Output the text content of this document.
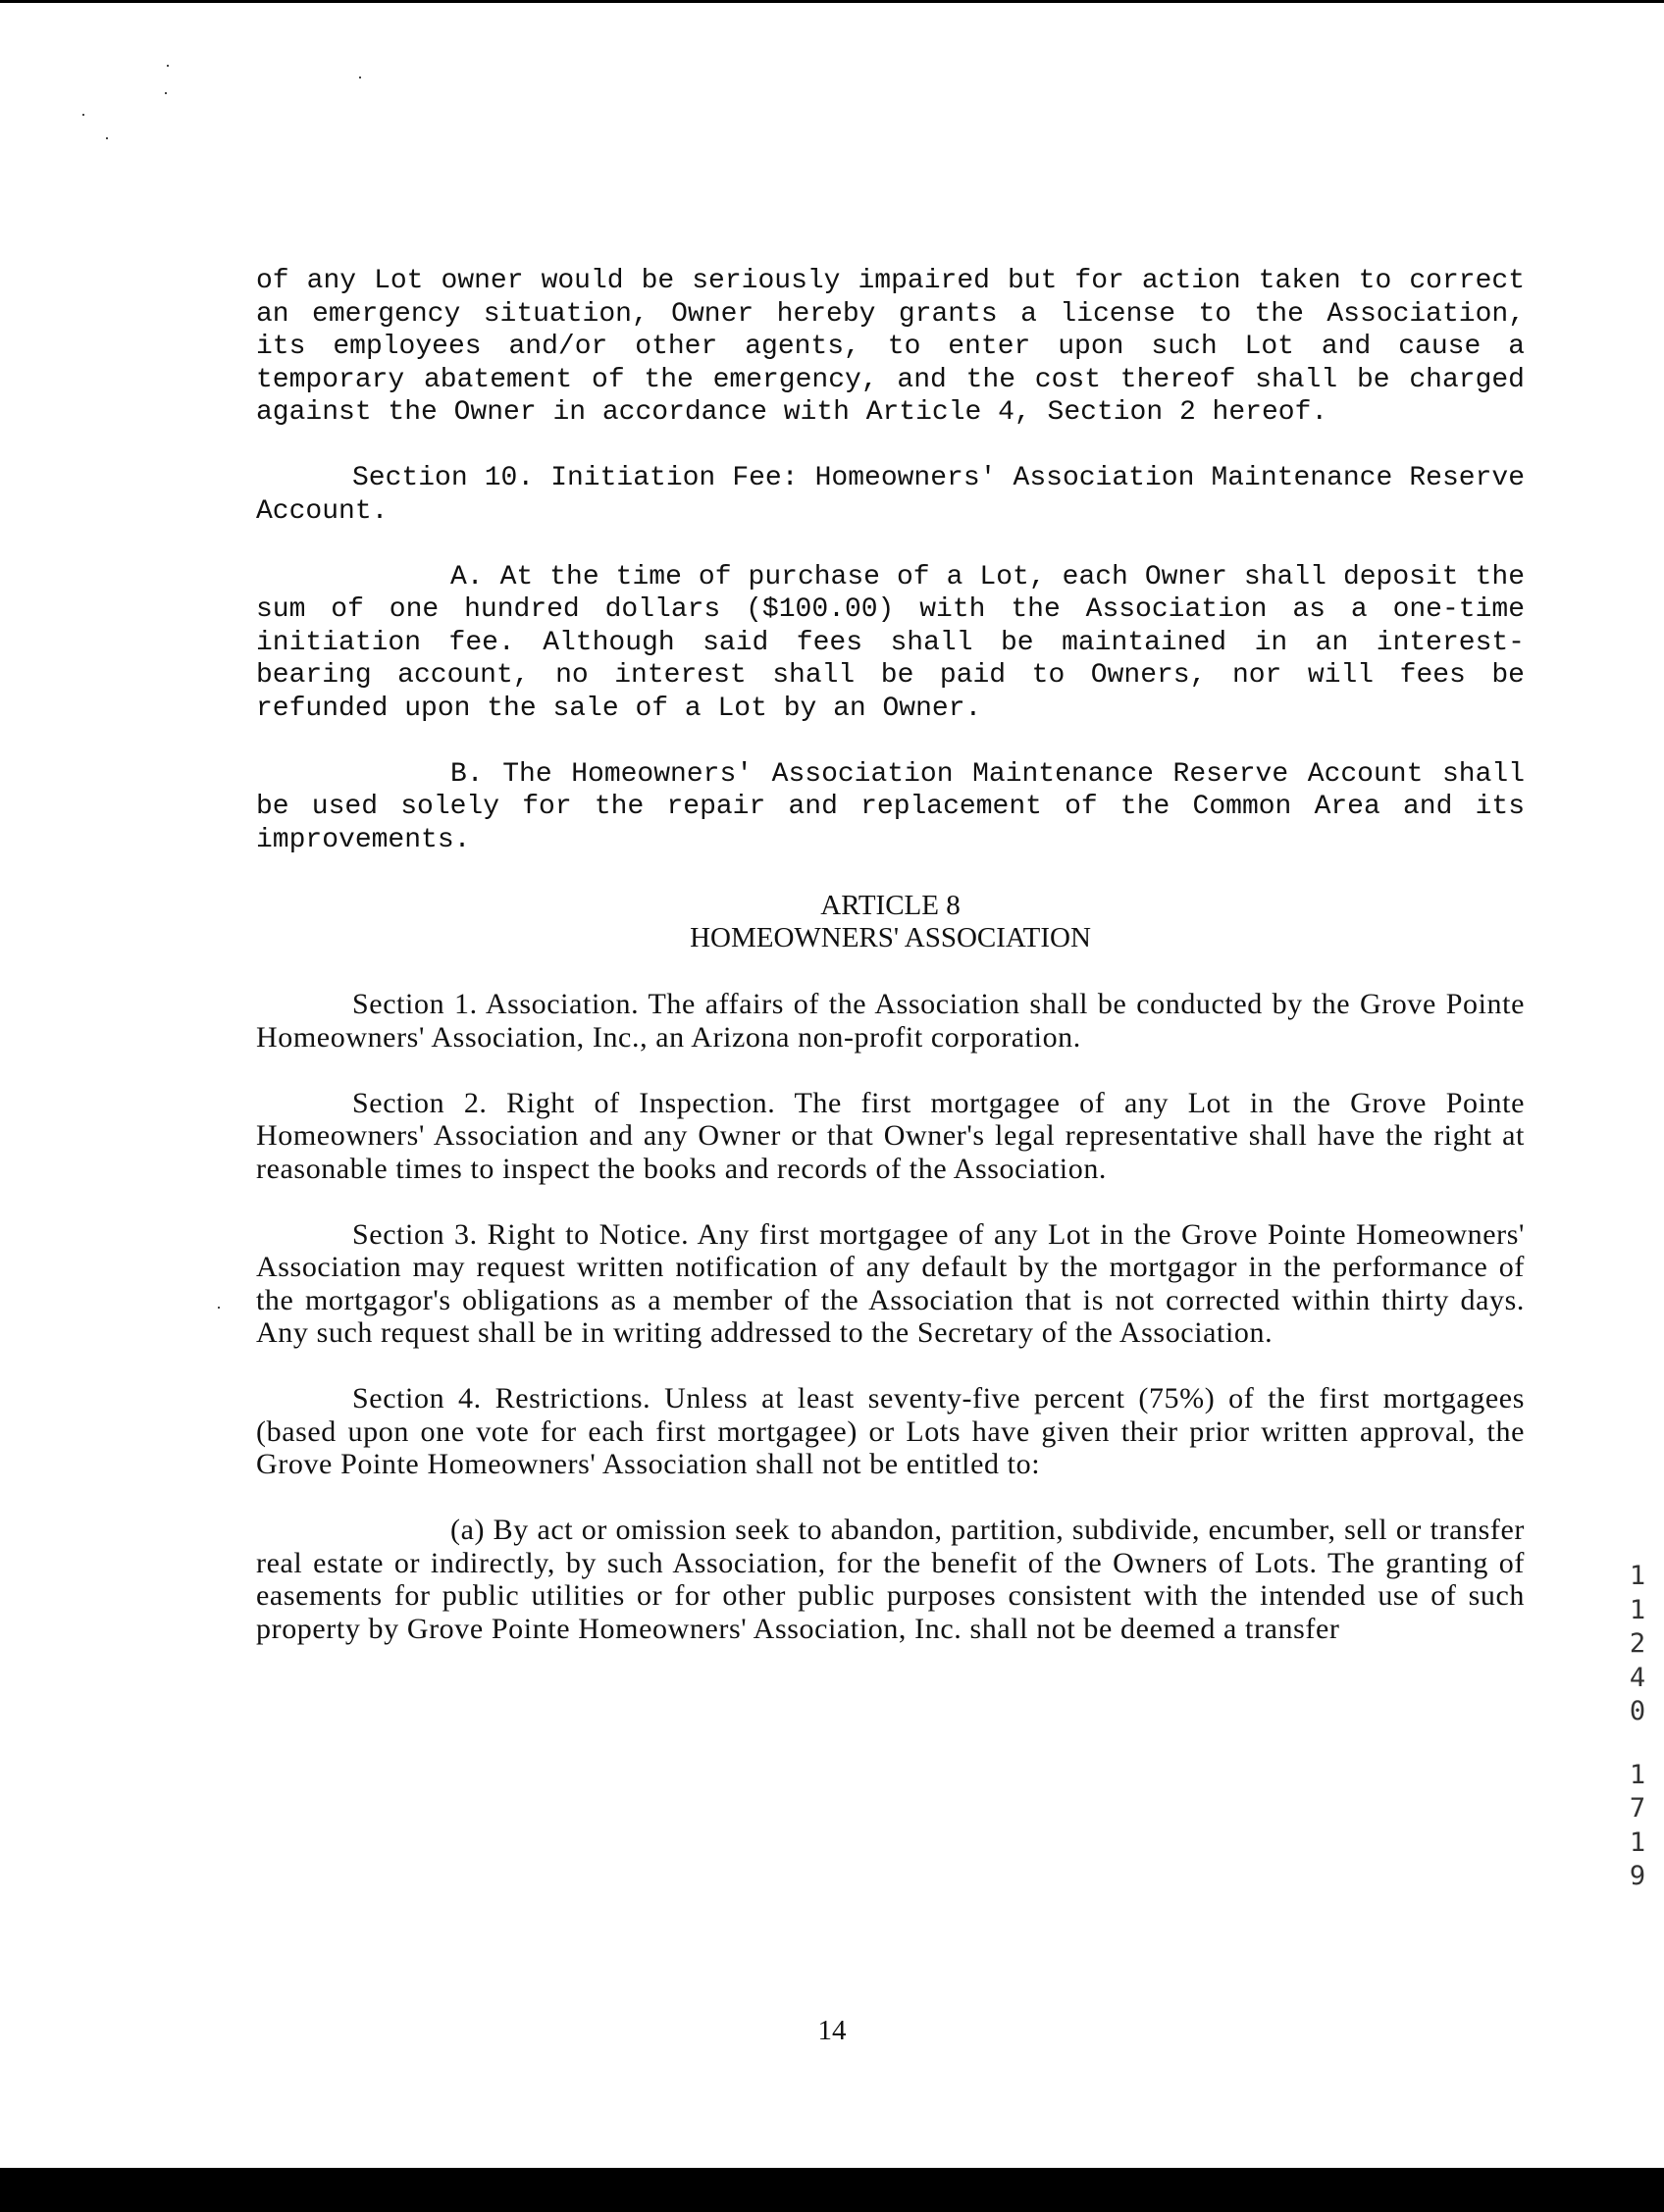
of any Lot owner would be seriously impaired but for action taken to correct an emergency situation, Owner hereby grants a license to the Association, its employees and/or other agents, to enter upon such Lot and cause a temporary abatement of the emergency, and the cost thereof shall be charged against the Owner in accordance with Article 4, Section 2 hereof.

Section 10. Initiation Fee: Homeowners' Association Maintenance Reserve Account.

A. At the time of purchase of a Lot, each Owner shall deposit the sum of one hundred dollars ($100.00) with the Association as a one-time initiation fee. Although said fees shall be maintained in an interest-bearing account, no interest shall be paid to Owners, nor will fees be refunded upon the sale of a Lot by an Owner.

B. The Homeowners' Association Maintenance Reserve Account shall be used solely for the repair and replacement of the Common Area and its improvements.

ARTICLE 8

HOMEOWNERS' ASSOCIATION

Section 1. Association. The affairs of the Association shall be conducted by the Grove Pointe Homeowners' Association, Inc., an Arizona non-profit corporation.

Section 2. Right of Inspection. The first mortgagee of any Lot in the Grove Pointe Homeowners' Association and any Owner or that Owner's legal representative shall have the right at reasonable times to inspect the books and records of the Association.

Section 3. Right to Notice. Any first mortgagee of any Lot in the Grove Pointe Homeowners' Association may request written notification of any default by the mortgagor in the performance of the mortgagor's obligations as a member of the Association that is not corrected within thirty days. Any such request shall be in writing addressed to the Secretary of the Association.

Section 4. Restrictions. Unless at least seventy-five percent (75%) of the first mortgagees (based upon one vote for each first mortgagee) or Lots have given their prior written approval, the Grove Pointe Homeowners' Association shall not be entitled to:

(a) By act or omission seek to abandon, partition, subdivide, encumber, sell or transfer real estate or indirectly, by such Association, for the benefit of the Owners of Lots. The granting of easements for public utilities or for other public purposes consistent with the intended use of such property by Grove Pointe Homeowners' Association, Inc. shall not be deemed a transfer

14
1
1
2
4
0
1
7
1
9
